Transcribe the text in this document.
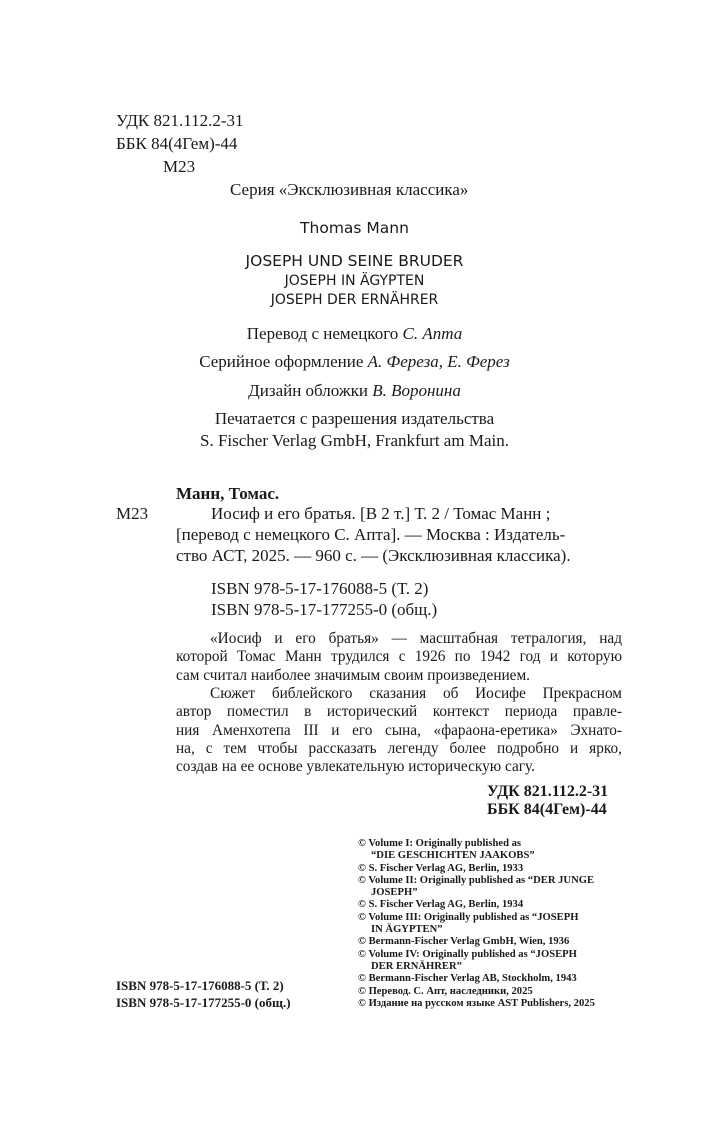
УДК 821.112.2-31
ББК 84(4Гем)-44
М23
Серия «Эксклюзивная классика»
Thomas Mann
JOSEPH UND SEINE BRUDER
JOSEPH IN ÄGYPTEN
JOSEPH DER ERNÄHRER
Перевод с немецкого С. Апта
Серийное оформление А. Фереза, Е. Ферез
Дизайн обложки В. Воронина
Печатается с разрешения издательства
S. Fischer Verlag GmbH, Frankfurt am Main.
Манн, Томас.
М23	Иосиф и его братья. [В 2 т.] Т. 2 / Томас Манн ;
[перевод с немецкого С. Апта]. — Москва : Издатель-
ство АСТ, 2025. — 960 с. — (Эксклюзивная классика).
ISBN 978-5-17-176088-5 (Т. 2)
ISBN 978-5-17-177255-0 (общ.)
«Иосиф и его братья» — масштабная тетралогия, над
которой Томас Манн трудился с 1926 по 1942 год и которую
сам считал наиболее значимым своим произведением.
Сюжет библейского сказания об Иосифе Прекрасном
автор поместил в исторический контекст периода правле-
ния Аменхотепа III и его сына, «фараона-еретика» Эхнато-
на, с тем чтобы рассказать легенду более подробно и ярко,
создав на ее основе увлекательную историческую сагу.
УДК 821.112.2-31
ББК 84(4Гем)-44
© Volume I: Originally published as
“DIE GESCHICHTEN JAAKOBS”
© S. Fischer Verlag AG, Berlin, 1933
© Volume II: Originally published as “DER JUNGE
JOSEPH”
© S. Fischer Verlag AG, Berlin, 1934
© Volume III: Originally published as “JOSEPH
IN ÄGYPTEN”
© Bermann-Fischer Verlag GmbH, Wien, 1936
© Volume IV: Originally published as “JOSEPH
DER ERNÄHRER”
© Bermann-Fischer Verlag AB, Stockholm, 1943
© Перевод. С. Апт, наследники, 2025
© Издание на русском языке AST Publishers, 2025
ISBN 978-5-17-176088-5 (Т. 2)
ISBN 978-5-17-177255-0 (общ.)
